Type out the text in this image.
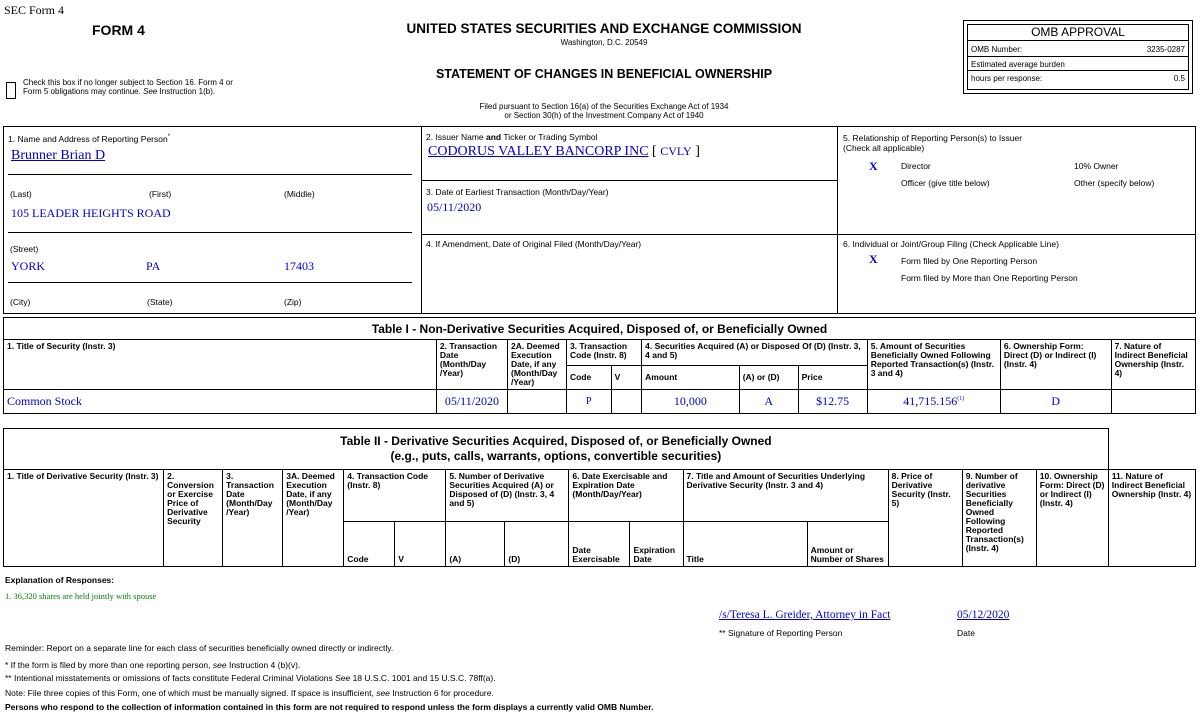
SEC Form 4
FORM 4
Check this box if no longer subject to Section 16. Form 4 or Form 5 obligations may continue. See Instruction 1(b).
UNITED STATES SECURITIES AND EXCHANGE COMMISSION
Washington, D.C. 20549
STATEMENT OF CHANGES IN BENEFICIAL OWNERSHIP
Filed pursuant to Section 16(a) of the Securities Exchange Act of 1934
or Section 30(h) of the Investment Company Act of 1940
OMB APPROVAL
OMB Number:	3235-0287
Estimated average burden
hours per response:	0.5
1. Name and Address of Reporting Person*
Brunner Brian D
(Last)	(First)	(Middle)
105 LEADER HEIGHTS ROAD
(Street)
YORK	PA	17403
(City)	(State)	(Zip)
2. Issuer Name and Ticker or Trading Symbol
CODORUS VALLEY BANCORP INC [ CVLY ]
3. Date of Earliest Transaction (Month/Day/Year)
05/11/2020
4. If Amendment, Date of Original Filed (Month/Day/Year)
5. Relationship of Reporting Person(s) to Issuer
(Check all applicable)
X	Director	10% Owner
Officer (give title below)	Other (specify below)
6. Individual or Joint/Group Filing (Check Applicable Line)
X	Form filed by One Reporting Person
Form filed by More than One Reporting Person
Table I - Non-Derivative Securities Acquired, Disposed of, or Beneficially Owned										
1. Title of Security (Instr. 3)	2. Transaction Date (Month/Day /Year)	2A. Deemed Execution Date, if any (Month/Day /Year)	3. Transaction Code (Instr. 8)		4. Securities Acquired (A) or Disposed Of (D) (Instr. 3, 4 and 5)			5. Amount of Securities Beneficially Owned Following Reported Transaction(s) (Instr. 3 and 4)	6. Ownership Form: Direct (D) or Indirect (I) (Instr. 4)	7. Nature of Indirect Beneficial Ownership (Instr. 4)
			Code	V	Amount	(A) or (D)	Price			
Common Stock	05/11/2020		P		10,000	A	$12.75	41,715.156$^{(1)}$	D	
Table II - Derivative Securities Acquired, Disposed of, or Beneficially Owned
(e.g., puts, calls, warrants, options, convertible securities)															

1. Title of Derivative Security (Instr. 3)	2. Conversion or Exercise Price of Derivative Security	3. Transaction Date (Month/Day /Year)	3A. Deemed Execution Date, if any (Month/Day /Year)	4. Transaction Code (Instr. 8)		5. Number of Derivative Securities Acquired (A) or Disposed of (D) (Instr. 3, 4 and 5)		6. Date Exercisable and Expiration Date (Month/Day/Year)		7. Title and Amount of Securities Underlying Derivative Security (Instr. 3 and 4)		8. Price of Derivative Security (Instr. 5)	9. Number of derivative Securities Beneficially Owned Following Reported Transaction(s) (Instr. 4)	10. Ownership Form: Direct (D) or Indirect (I) (Instr. 4)	11. Nature of Indirect Beneficial Ownership (Instr. 4)
				Code	V	(A)	(D)	Date Exercisable	Expiration Date	Title	Amount or Number of Shares				
Explanation of Responses:
1. 36,320 shares are held jointly with spouse
/s/Teresa L. Greider, Attorney in Fact	05/12/2020
** Signature of Reporting Person	Date
Reminder: Report on a separate line for each class of securities beneficially owned directly or indirectly.
* If the form is filed by more than one reporting person, see Instruction 4 (b)(v).
** Intentional misstatements or omissions of facts constitute Federal Criminal Violations See 18 U.S.C. 1001 and 15 U.S.C. 78ff(a).
Note: File three copies of this Form, one of which must be manually signed. If space is insufficient, see Instruction 6 for procedure.
Persons who respond to the collection of information contained in this form are not required to respond unless the form displays a currently valid OMB Number.
